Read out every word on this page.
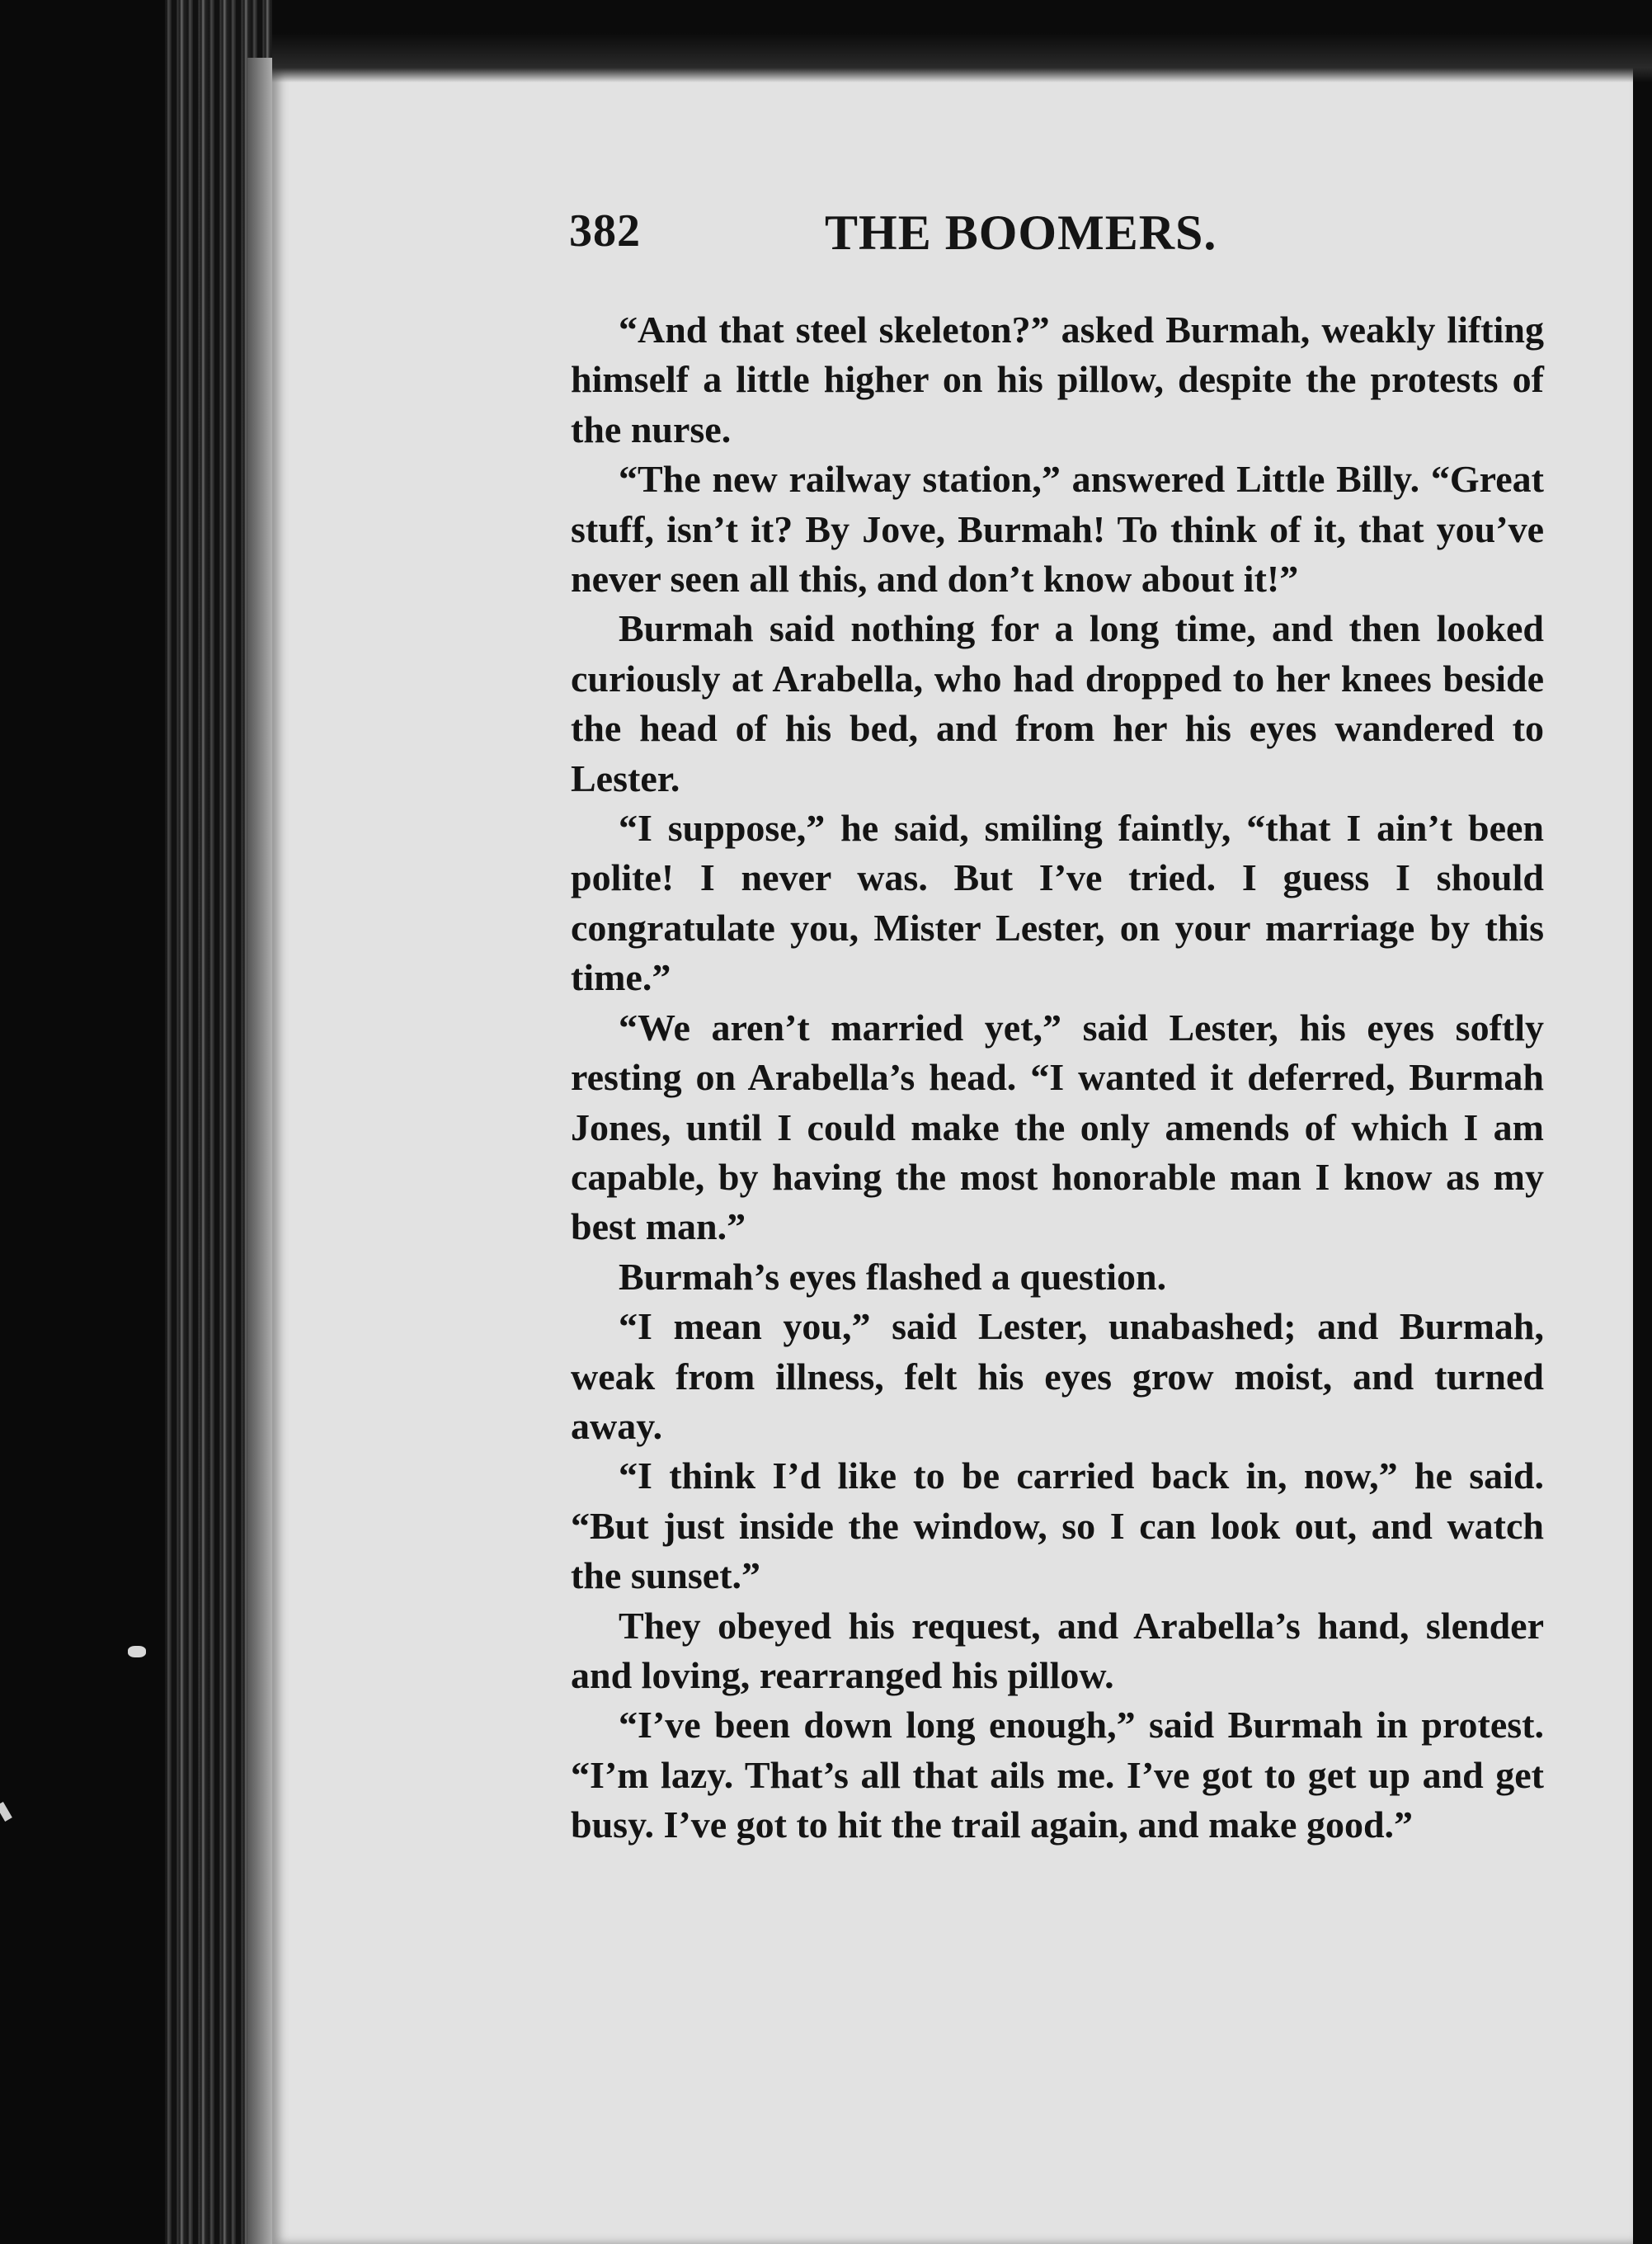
382	THE BOOMERS.

“And that steel skeleton?” asked Burmah, weakly lifting himself a little higher on his pillow, despite the protests of the nurse.

“The new railway station,” answered Little Billy. “Great stuff, isn’t it? By Jove, Burmah! To think of it, that you’ve never seen all this, and don’t know about it!”

Burmah said nothing for a long time, and then looked curiously at Arabella, who had dropped to her knees beside the head of his bed, and from her his eyes wandered to Lester.

“I suppose,” he said, smiling faintly, “that I ain’t been polite! I never was. But I’ve tried. I guess I should congratulate you, Mister Lester, on your marriage by this time.”

“We aren’t married yet,” said Lester, his eyes softly resting on Arabella’s head. “I wanted it deferred, Burmah Jones, until I could make the only amends of which I am capable, by having the most honorable man I know as my best man.”

Burmah’s eyes flashed a question.

“I mean you,” said Lester, unabashed; and Burmah, weak from illness, felt his eyes grow moist, and turned away.

“I think I’d like to be carried back in, now,” he said. “But just inside the window, so I can look out, and watch the sunset.”

They obeyed his request, and Arabella’s hand, slender and loving, rearranged his pillow.

“I’ve been down long enough,” said Burmah in protest. “I’m lazy. That’s all that ails me. I’ve got to get up and get busy. I’ve got to hit the trail again, and make good.”
